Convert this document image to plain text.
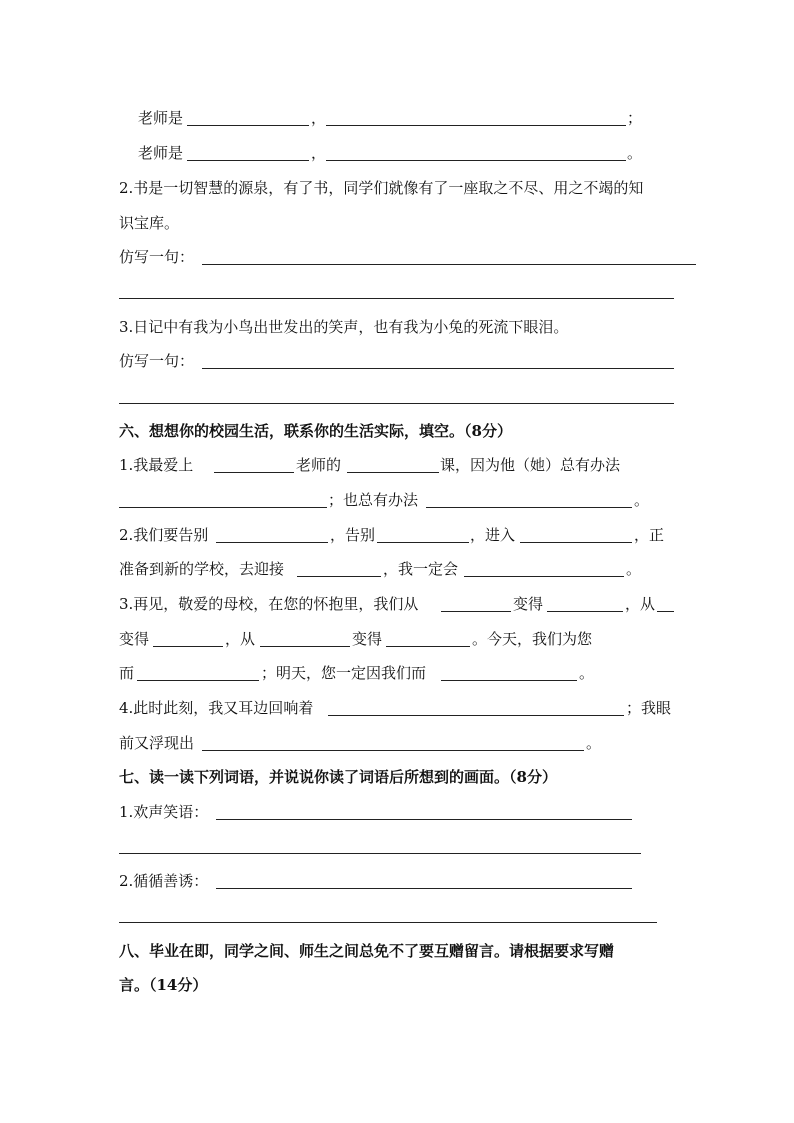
老师是	，	；
老师是	，	。
2.书是一切智慧的源泉，有了书，同学们就像有了一座取之不尽、用之不竭的知
识宝库。
仿写一句：
3.日记中有我为小鸟出世发出的笑声，也有我为小兔的死流下眼泪。
仿写一句：
六、想想你的校园生活，联系你的生活实际，填空。（8分）
1.我最爱上	老师的	课，因为他（她）总有办法
；也总有办法	。
2.我们要告别	，告别	，进入	，正
准备到新的学校，去迎接	，我一定会	。
3.再见，敬爱的母校，在您的怀抱里，我们从	变得	，从
变得	，从	变得	。今天，我们为您
而	；明天，您一定因我们而	。
4.此时此刻，我又耳边回响着	；我眼
前又浮现出	。
七、读一读下列词语，并说说你读了词语后所想到的画面。（8分）
1.欢声笑语：
2.循循善诱：
八、毕业在即，同学之间、师生之间总免不了要互赠留言。请根据要求写赠
言。（14分）
